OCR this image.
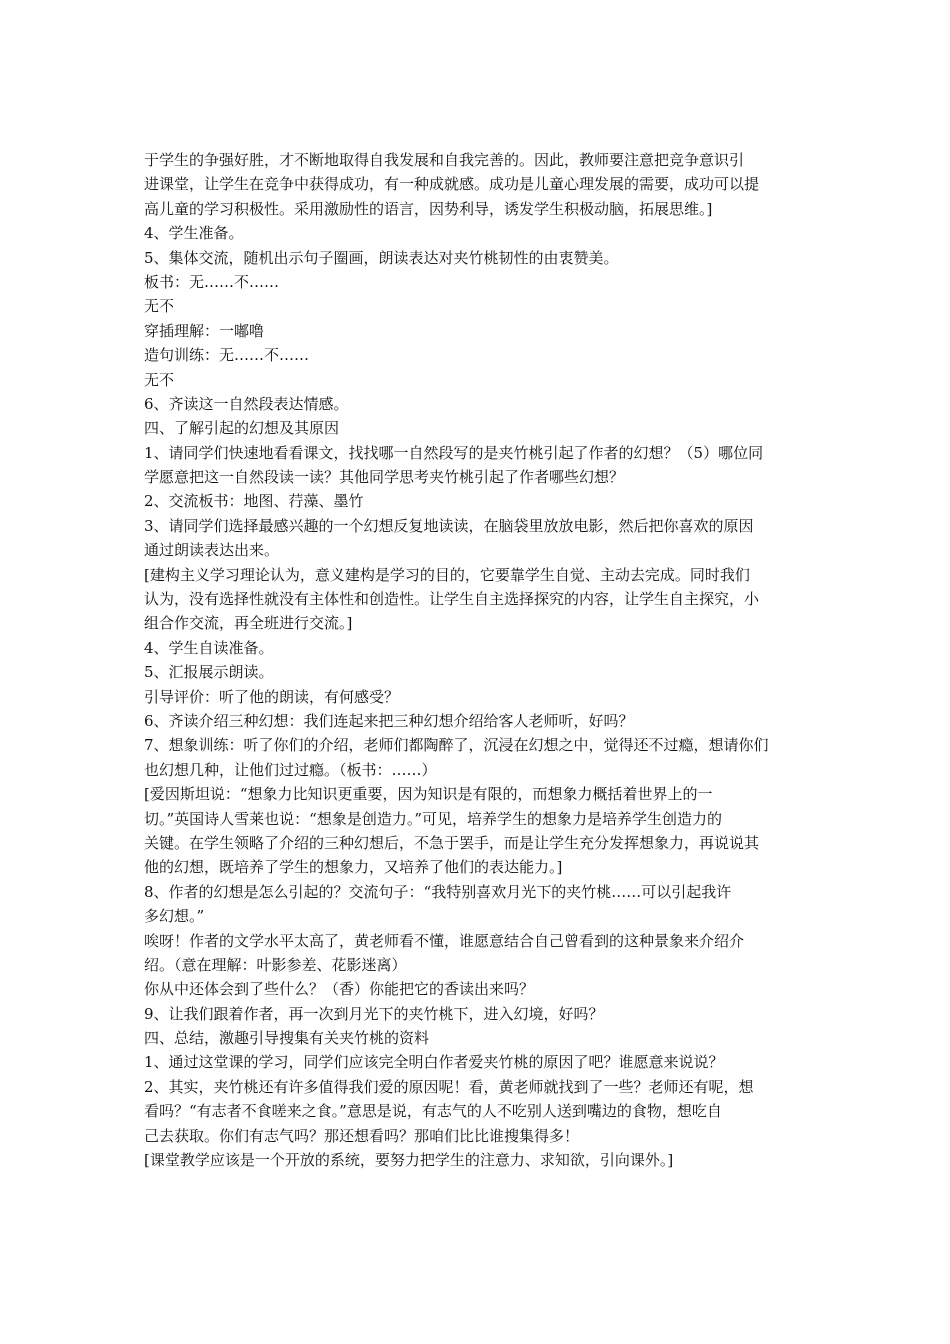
于学生的争强好胜，才不断地取得自我发展和自我完善的。因此，教师要注意把竞争意识引
进课堂，让学生在竞争中获得成功，有一种成就感。成功是儿童心理发展的需要，成功可以提
高儿童的学习积极性。采用激励性的语言，因势利导，诱发学生积极动脑，拓展思维。]
4、学生准备。
5、集体交流，随机出示句子圈画，朗读表达对夹竹桃韧性的由衷赞美。
板书：无……不……
无不
穿插理解：一嘟噜
造句训练：无……不……
无不
6、齐读这一自然段表达情感。
四、了解引起的幻想及其原因
1、请同学们快速地看看课文，找找哪一自然段写的是夹竹桃引起了作者的幻想？（5）哪位同
学愿意把这一自然段读一读？其他同学思考夹竹桃引起了作者哪些幻想？
2、交流板书：地图、荇藻、墨竹
3、请同学们选择最感兴趣的一个幻想反复地读读，在脑袋里放放电影，然后把你喜欢的原因
通过朗读表达出来。
[建构主义学习理论认为，意义建构是学习的目的，它要靠学生自觉、主动去完成。同时我们
认为，没有选择性就没有主体性和创造性。让学生自主选择探究的内容，让学生自主探究，小
组合作交流，再全班进行交流。]
4、学生自读准备。
5、汇报展示朗读。
引导评价：听了他的朗读，有何感受？
6、齐读介绍三种幻想：我们连起来把三种幻想介绍给客人老师听，好吗？
7、想象训练：听了你们的介绍，老师们都陶醉了，沉浸在幻想之中，觉得还不过瘾，想请你们
也幻想几种，让他们过过瘾。（板书：……）
[爱因斯坦说：“想象力比知识更重要，因为知识是有限的，而想象力概括着世界上的一
切。”英国诗人雪莱也说：“想象是创造力。”可见，培养学生的想象力是培养学生创造力的
关键。在学生领略了介绍的三种幻想后，不急于罢手，而是让学生充分发挥想象力，再说说其
他的幻想，既培养了学生的想象力，又培养了他们的表达能力。]
8、作者的幻想是怎么引起的？交流句子：“我特别喜欢月光下的夹竹桃……可以引起我许
多幻想。”
唉呀！作者的文学水平太高了，黄老师看不懂，谁愿意结合自己曾看到的这种景象来介绍介
绍。（意在理解：叶影参差、花影迷离）
你从中还体会到了些什么？（香）你能把它的香读出来吗？
9、让我们跟着作者，再一次到月光下的夹竹桃下，进入幻境，好吗？
四、总结，激趣引导搜集有关夹竹桃的资料
1、通过这堂课的学习，同学们应该完全明白作者爱夹竹桃的原因了吧？谁愿意来说说？
2、其实，夹竹桃还有许多值得我们爱的原因呢！看，黄老师就找到了一些？老师还有呢，想
看吗？“有志者不食嗟来之食。”意思是说，有志气的人不吃别人送到嘴边的食物，想吃自
己去获取。你们有志气吗？那还想看吗？那咱们比比谁搜集得多！
[课堂教学应该是一个开放的系统，要努力把学生的注意力、求知欲，引向课外。]
